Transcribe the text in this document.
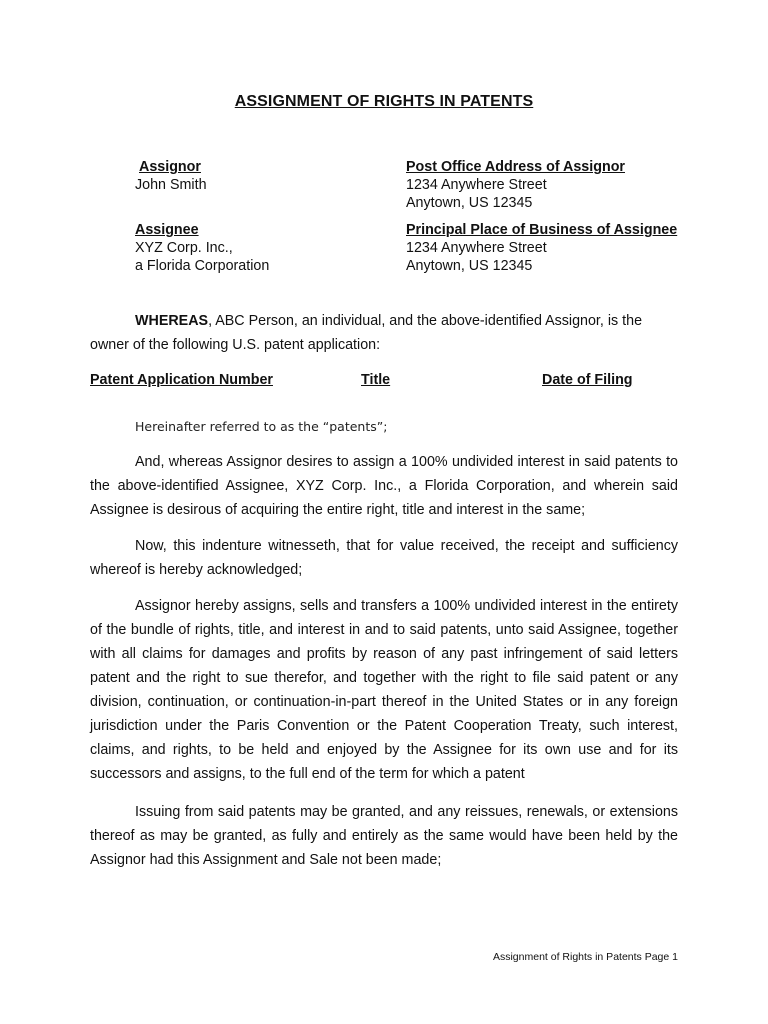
ASSIGNMENT OF RIGHTS IN PATENTS
Assignor
John Smith
Post Office Address of Assignor
1234 Anywhere Street
Anytown, US 12345
Assignee
XYZ Corp. Inc.,
a Florida Corporation
Principal Place of Business of Assignee
1234 Anywhere Street
Anytown, US 12345
WHEREAS, ABC Person, an individual, and the above-identified Assignor, is the owner of the following U.S. patent application:
Patent Application Number	Title	Date of Filing
Hereinafter referred to as the “patents”;
And, whereas Assignor desires to assign a 100% undivided interest in said patents to the above-identified Assignee, XYZ Corp. Inc., a Florida Corporation, and wherein said Assignee is desirous of acquiring the entire right, title and interest in the same;
Now, this indenture witnesseth, that for value received, the receipt and sufficiency whereof is hereby acknowledged;
Assignor hereby assigns, sells and transfers a 100% undivided interest in the entirety of the bundle of rights, title, and interest in and to said patents, unto said Assignee, together with all claims for damages and profits by reason of any past infringement of said letters patent and the right to sue therefor, and together with the right to file said patent or any division, continuation, or continuation-in-part thereof in the United States or in any foreign jurisdiction under the Paris Convention or the Patent Cooperation Treaty, such interest, claims, and rights, to be held and enjoyed by the Assignee for its own use and for its successors and assigns, to the full end of the term for which a patent
Issuing from said patents may be granted, and any reissues, renewals, or extensions thereof as may be granted, as fully and entirely as the same would have been held by the Assignor had this Assignment and Sale not been made;
Assignment of Rights in Patents Page 1
